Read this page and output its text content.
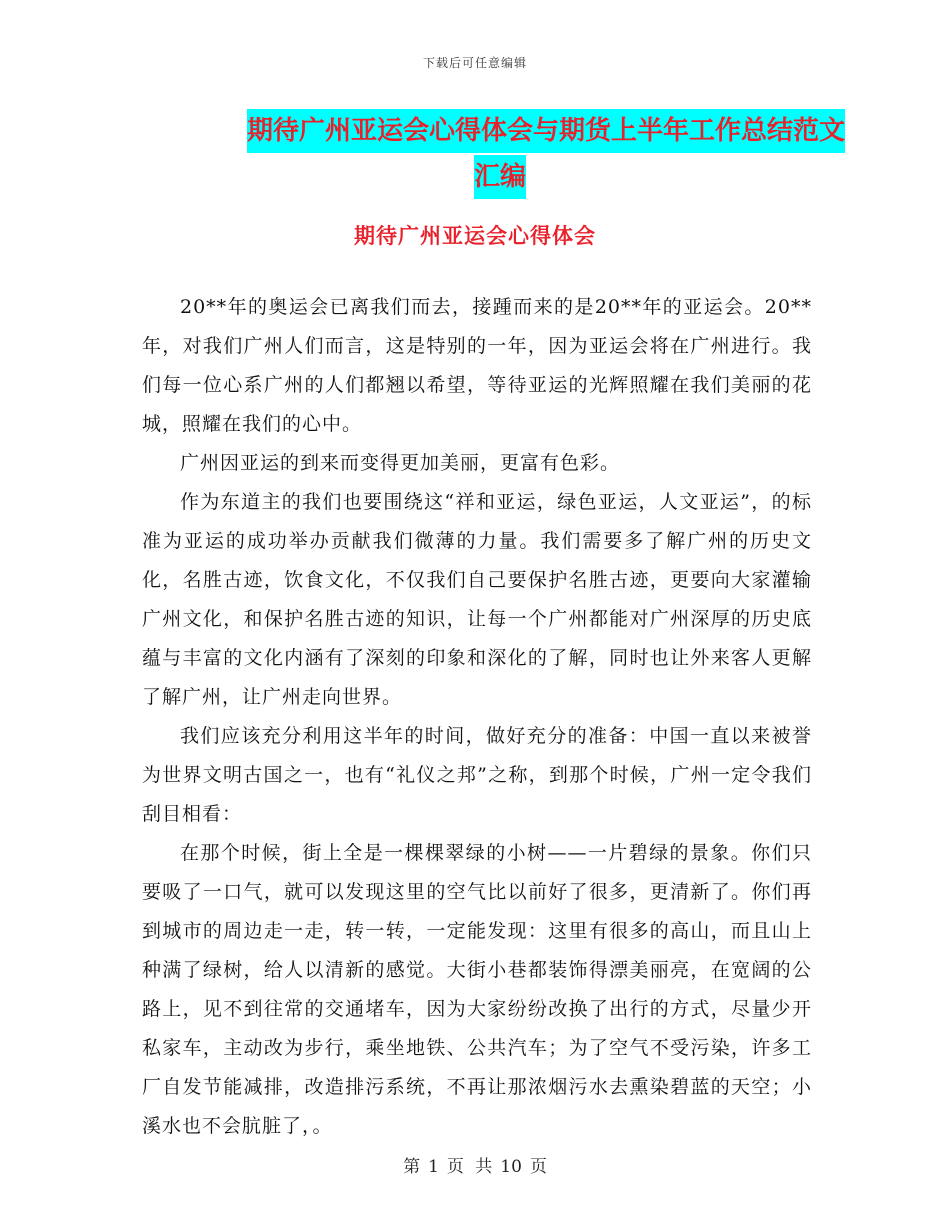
下载后可任意编辑
期待广州亚运会心得体会与期货上半年工作总结范文
汇编
期待广州亚运会心得体会

20**年的奥运会已离我们而去，接踵而来的是20**年的亚运会。20**年，对我们广州人们而言，这是特别的一年，因为亚运会将在广州进行。我们每一位心系广州的人们都翘以希望，等待亚运的光辉照耀在我们美丽的花城，照耀在我们的心中。

广州因亚运的到来而变得更加美丽，更富有色彩。

作为东道主的我们也要围绕这“祥和亚运，绿色亚运，人文亚运”，的标准为亚运的成功举办贡献我们微薄的力量。我们需要多了解广州的历史文化，名胜古迹，饮食文化，不仅我们自己要保护名胜古迹，更要向大家灌输广州文化，和保护名胜古迹的知识，让每一个广州都能对广州深厚的历史底蕴与丰富的文化内涵有了深刻的印象和深化的了解，同时也让外来客人更解了解广州，让广州走向世界。

我们应该充分利用这半年的时间，做好充分的准备：中国一直以来被誉为世界文明古国之一，也有“礼仪之邦”之称，到那个时候，广州一定令我们刮目相看：

在那个时候，街上全是一棵棵翠绿的小树——一片碧绿的景象。你们只要吸了一口气，就可以发现这里的空气比以前好了很多，更清新了。你们再到城市的周边走一走，转一转，一定能发现：这里有很多的高山，而且山上种满了绿树，给人以清新的感觉。大街小巷都装饰得漂美丽亮，在宽阔的公路上，见不到往常的交通堵车，因为大家纷纷改换了出行的方式，尽量少开私家车，主动改为步行，乘坐地铁、公共汽车；为了空气不受污染，许多工厂自发节能减排，改造排污系统，不再让那浓烟污水去熏染碧蓝的天空；小溪水也不会肮脏了，。

第 1 页 共 10 页
